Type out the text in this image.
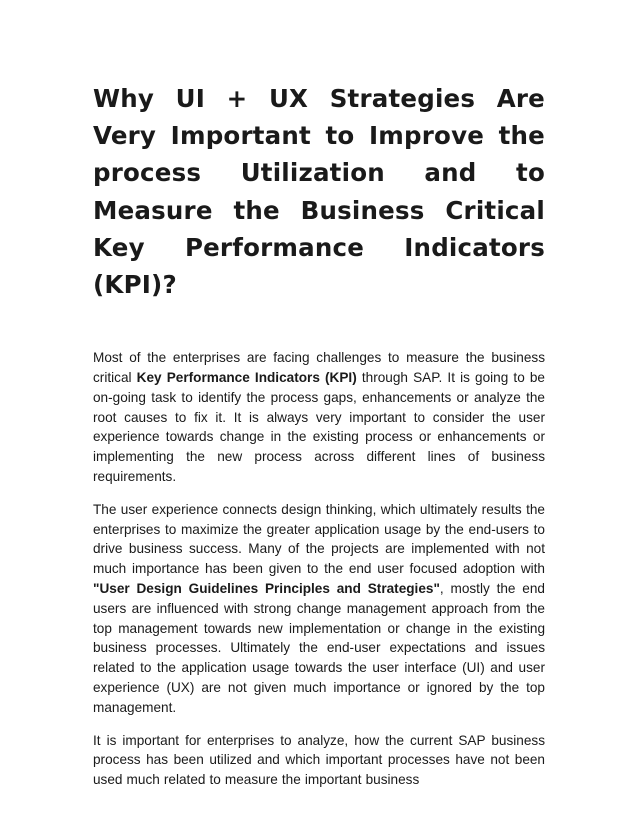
Why UI + UX Strategies Are Very Important to Improve the process Utilization and to Measure the Business Critical Key Performance Indicators (KPI)?

Most of the enterprises are facing challenges to measure the business critical Key Performance Indicators (KPI) through SAP. It is going to be on-going task to identify the process gaps, enhancements or analyze the root causes to fix it. It is always very important to consider the user experience towards change in the existing process or enhancements or implementing the new process across different lines of business requirements.

The user experience connects design thinking, which ultimately results the enterprises to maximize the greater application usage by the end-users to drive business success. Many of the projects are implemented with not much importance has been given to the end user focused adoption with "User Design Guidelines Principles and Strategies", mostly the end users are influenced with strong change management approach from the top management towards new implementation or change in the existing business processes. Ultimately the end-user expectations and issues related to the application usage towards the user interface (UI) and user experience (UX) are not given much importance or ignored by the top management.

It is important for enterprises to analyze, how the current SAP business process has been utilized and which important processes have not been used much related to measure the important business
